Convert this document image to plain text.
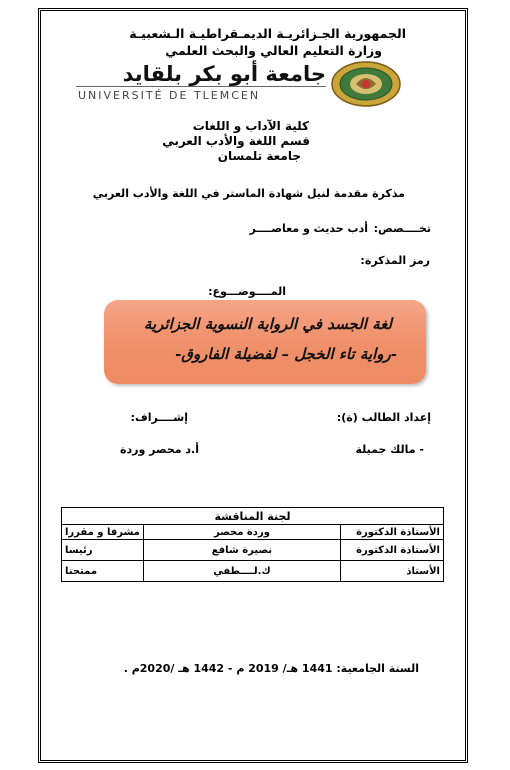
الجمهورية الجـزائريـة الديمـقراطيـة الـشعبيـة
وزارة التعليم العالي والبحث العلمي
جامعة أبو بكر بلقايد
UNIVERSITÉ DE TLEMCEN
كلية الآداب و اللغات
قسم اللغة والأدب العربي
جامعة تلمسان
مذكرة مقدمة لنيل شهادة الماستر في اللغة والأدب العربي
تخــــصص:
أدب حديث و معاصــــر
رمز المذكرة:
المــــوضـــوع:
لغة الجسد في الرواية النسوية الجزائرية
-رواية تاء الخجل – لفضيلة الفاروق-
إعداد الطالب (ة):
- مالك جميلة
إشــــراف:
أ.د محصر وردة
لجنة المناقشة		
الأستاذة الدكتورة	وردة محصر	مشرفا و مقررا
الأستاذة الدكتورة	نصيرة شافع	رئيسا
الأستاذ	ك.لــــطفي	ممتحنا
السنة الجامعية: 1441 هـ/ 2019 م - 1442 هـ /2020م .
